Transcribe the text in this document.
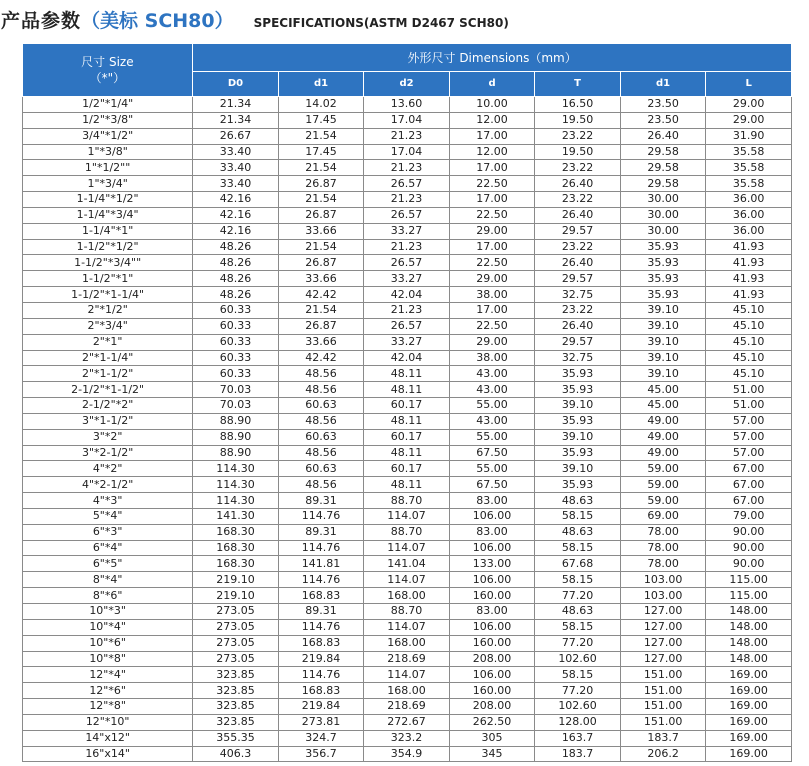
产品参数 （美标 SCH80） SPECIFICATIONS(ASTM D2467 SCH80)
尺寸 Size
（*"）	外形尺寸 Dimensions（mm）						
	D0	d1	d2	d	T	d1	L
1/2"*1/4"	21.34	14.02	13.60	10.00	16.50	23.50	29.00
1/2"*3/8"	21.34	17.45	17.04	12.00	19.50	23.50	29.00
3/4"*1/2"	26.67	21.54	21.23	17.00	23.22	26.40	31.90
1"*3/8"	33.40	17.45	17.04	12.00	19.50	29.58	35.58
1"*1/2""	33.40	21.54	21.23	17.00	23.22	29.58	35.58
1"*3/4"	33.40	26.87	26.57	22.50	26.40	29.58	35.58
1-1/4"*1/2"	42.16	21.54	21.23	17.00	23.22	30.00	36.00
1-1/4"*3/4"	42.16	26.87	26.57	22.50	26.40	30.00	36.00
1-1/4"*1"	42.16	33.66	33.27	29.00	29.57	30.00	36.00
1-1/2"*1/2"	48.26	21.54	21.23	17.00	23.22	35.93	41.93
1-1/2"*3/4""	48.26	26.87	26.57	22.50	26.40	35.93	41.93
1-1/2"*1"	48.26	33.66	33.27	29.00	29.57	35.93	41.93
1-1/2"*1-1/4"	48.26	42.42	42.04	38.00	32.75	35.93	41.93
2"*1/2"	60.33	21.54	21.23	17.00	23.22	39.10	45.10
2"*3/4"	60.33	26.87	26.57	22.50	26.40	39.10	45.10
2"*1"	60.33	33.66	33.27	29.00	29.57	39.10	45.10
2"*1-1/4"	60.33	42.42	42.04	38.00	32.75	39.10	45.10
2"*1-1/2"	60.33	48.56	48.11	43.00	35.93	39.10	45.10
2-1/2"*1-1/2"	70.03	48.56	48.11	43.00	35.93	45.00	51.00
2-1/2"*2"	70.03	60.63	60.17	55.00	39.10	45.00	51.00
3"*1-1/2"	88.90	48.56	48.11	43.00	35.93	49.00	57.00
3"*2"	88.90	60.63	60.17	55.00	39.10	49.00	57.00
3"*2-1/2"	88.90	48.56	48.11	67.50	35.93	49.00	57.00
4"*2"	114.30	60.63	60.17	55.00	39.10	59.00	67.00
4"*2-1/2"	114.30	48.56	48.11	67.50	35.93	59.00	67.00
4"*3"	114.30	89.31	88.70	83.00	48.63	59.00	67.00
5"*4"	141.30	114.76	114.07	106.00	58.15	69.00	79.00
6"*3"	168.30	89.31	88.70	83.00	48.63	78.00	90.00
6"*4"	168.30	114.76	114.07	106.00	58.15	78.00	90.00
6"*5"	168.30	141.81	141.04	133.00	67.68	78.00	90.00
8"*4"	219.10	114.76	114.07	106.00	58.15	103.00	115.00
8"*6"	219.10	168.83	168.00	160.00	77.20	103.00	115.00
10"*3"	273.05	89.31	88.70	83.00	48.63	127.00	148.00
10"*4"	273.05	114.76	114.07	106.00	58.15	127.00	148.00
10"*6"	273.05	168.83	168.00	160.00	77.20	127.00	148.00
10"*8"	273.05	219.84	218.69	208.00	102.60	127.00	148.00
12"*4"	323.85	114.76	114.07	106.00	58.15	151.00	169.00
12"*6"	323.85	168.83	168.00	160.00	77.20	151.00	169.00
12"*8"	323.85	219.84	218.69	208.00	102.60	151.00	169.00
12"*10"	323.85	273.81	272.67	262.50	128.00	151.00	169.00
14"x12"	355.35	324.7	323.2	305	163.7	183.7	169.00
16"x14"	406.3	356.7	354.9	345	183.7	206.2	169.00
